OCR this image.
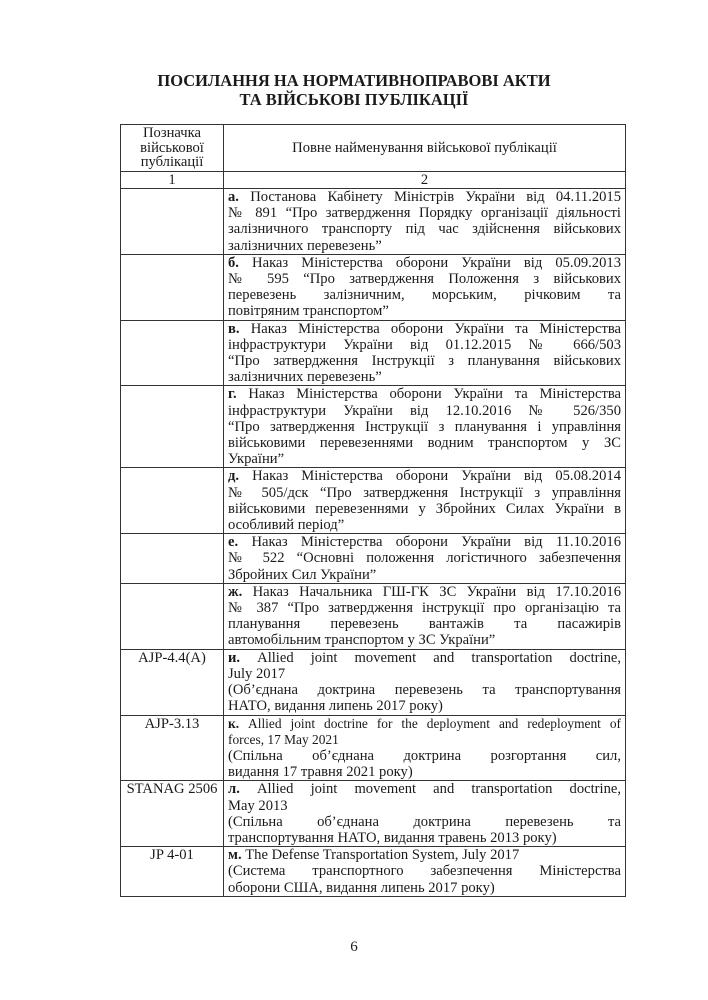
ПОСИЛАННЯ НА НОРМАТИВНОПРАВОВІ АКТИ
ТА ВІЙСЬКОВІ ПУБЛІКАЦІЇ
Позначка
військової
публікації	Повне найменування військової публікації
1	2

	а. Постанова Кабінету Міністрів України від 04.11.2015
№ 891 “Про затвердження Порядку організації діяльності
залізничного транспорту під час здійснення військових
залізничних перевезень”

	б. Наказ Міністерства оборони України від 05.09.2013
№ 595 “Про затвердження Положення з військових
перевезень залізничним, морським, річковим та
повітряним транспортом”

	в. Наказ Міністерства оборони України та Міністерства
інфраструктури України від 01.12.2015 № 666/503
“Про затвердження Інструкції з планування військових
залізничних перевезень”

	г. Наказ Міністерства оборони України та Міністерства
інфраструктури України від 12.10.2016 № 526/350
“Про затвердження Інструкції з планування і управління
військовими перевезеннями водним транспортом у ЗС
України”

	д. Наказ Міністерства оборони України від 05.08.2014
№ 505/дск “Про затвердження Інструкції з управління
військовими перевезеннями у Збройних Силах України в
особливий період”

	е. Наказ Міністерства оборони України від 11.10.2016
№ 522 “Основні положення логістичного забезпечення
Збройних Сил України”

	ж. Наказ Начальника ГШ-ГК ЗС України від 17.10.2016
№ 387 “Про затвердження інструкції про організацію та
планування перевезень вантажів та пасажирів
автомобільним транспортом у ЗС України”

AJP-4.4(A)	и. Allied joint movement and transportation doctrine,
July 2017
(Об’єднана доктрина перевезень та транспортування
НАТО, видання липень 2017 року)

AJP-3.13	к. Allied joint doctrine for the deployment and redeployment of
forces, 17 May 2021
(Спільна об’єднана доктрина розгортання сил,
видання 17 травня 2021 року)

STANAG 2506	л. Allied joint movement and transportation doctrine,
May 2013
(Спільна об’єднана доктрина перевезень та
транспортування НАТО, видання травень 2013 року)

JP 4-01	м. The Defense Transportation System, July 2017
(Система транспортного забезпечення Міністерства
оборони США, видання липень 2017 року)
6
